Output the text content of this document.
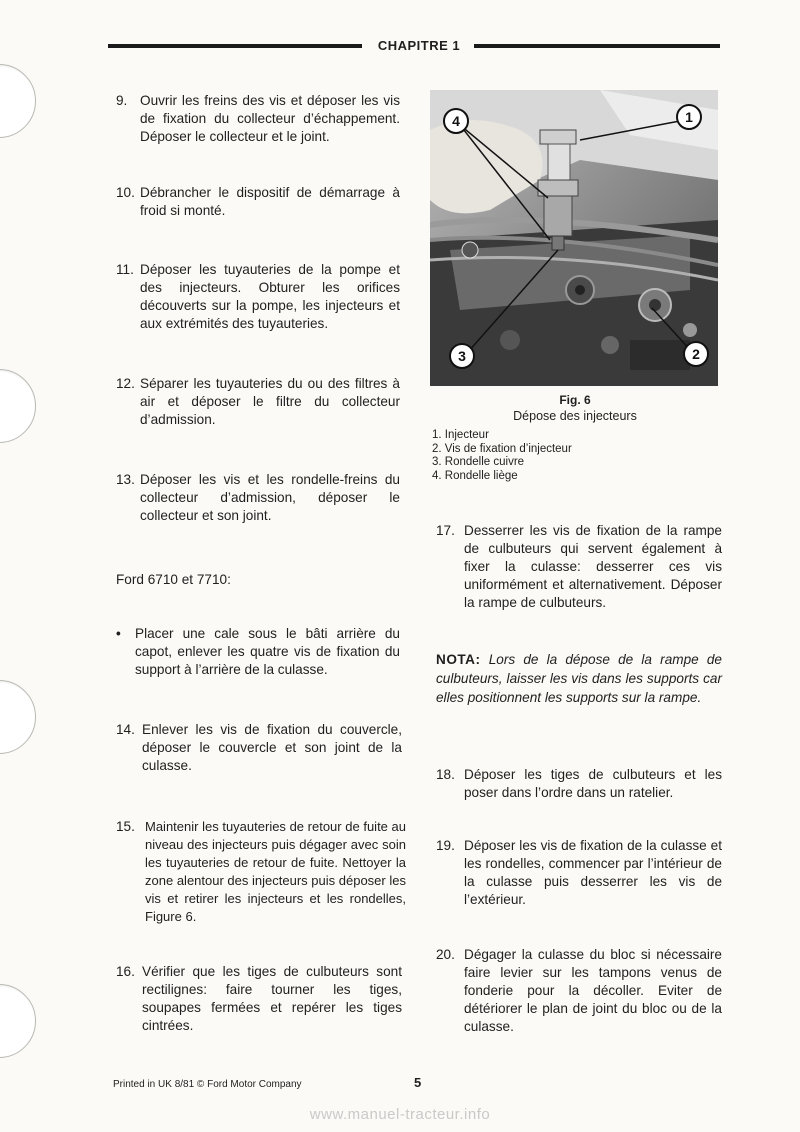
CHAPITRE 1
9. Ouvrir les freins des vis et déposer les vis de fixation du collecteur d’échappement. Déposer le collecteur et le joint.
10. Débrancher le dispositif de démarrage à froid si monté.
11. Déposer les tuyauteries de la pompe et des injecteurs. Obturer les orifices découverts sur la pompe, les injecteurs et aux extrémités des tuyauteries.
12. Séparer les tuyauteries du ou des filtres à air et déposer le filtre du collecteur d’admission.
13. Déposer les vis et les rondelle-freins du collecteur d’admission, déposer le collecteur et son joint.
Ford 6710 et 7710:
• Placer une cale sous le bâti arrière du capot, enlever les quatre vis de fixation du support à l’arrière de la culasse.
14. Enlever les vis de fixation du couvercle, déposer le couvercle et son joint de la culasse.
15. Maintenir les tuyauteries de retour de fuite au niveau des injecteurs puis dégager avec soin les tuyauteries de retour de fuite. Nettoyer la zone alentour des injecteurs puis déposer les vis et retirer les injecteurs et les rondelles, Figure 6.
16. Vérifier que les tiges de culbuteurs sont rectilignes: faire tourner les tiges, soupapes fermées et repérer les tiges cintrées.
4	1
3	2
Fig. 6
Dépose des injecteurs
1. Injecteur
2. Vis de fixation d’injecteur
3. Rondelle cuivre
4. Rondelle liège
17. Desserrer les vis de fixation de la rampe de culbuteurs qui servent également à fixer la culasse: desserrer ces vis uniformément et alternativement. Déposer la rampe de culbuteurs.
NOTA: Lors de la dépose de la rampe de culbuteurs, laisser les vis dans les supports car elles positionnent les supports sur la rampe.
18. Déposer les tiges de culbuteurs et les poser dans l’ordre dans un ratelier.
19. Déposer les vis de fixation de la culasse et les rondelles, commencer par l’intérieur de la culasse puis desserrer les vis de l’extérieur.
20. Dégager la culasse du bloc si nécessaire faire levier sur les tampons venus de fonderie pour la décoller. Eviter de détériorer le plan de joint du bloc ou de la culasse.
Printed in UK 8/81 © Ford Motor Company	5
www.manuel-tracteur.info
